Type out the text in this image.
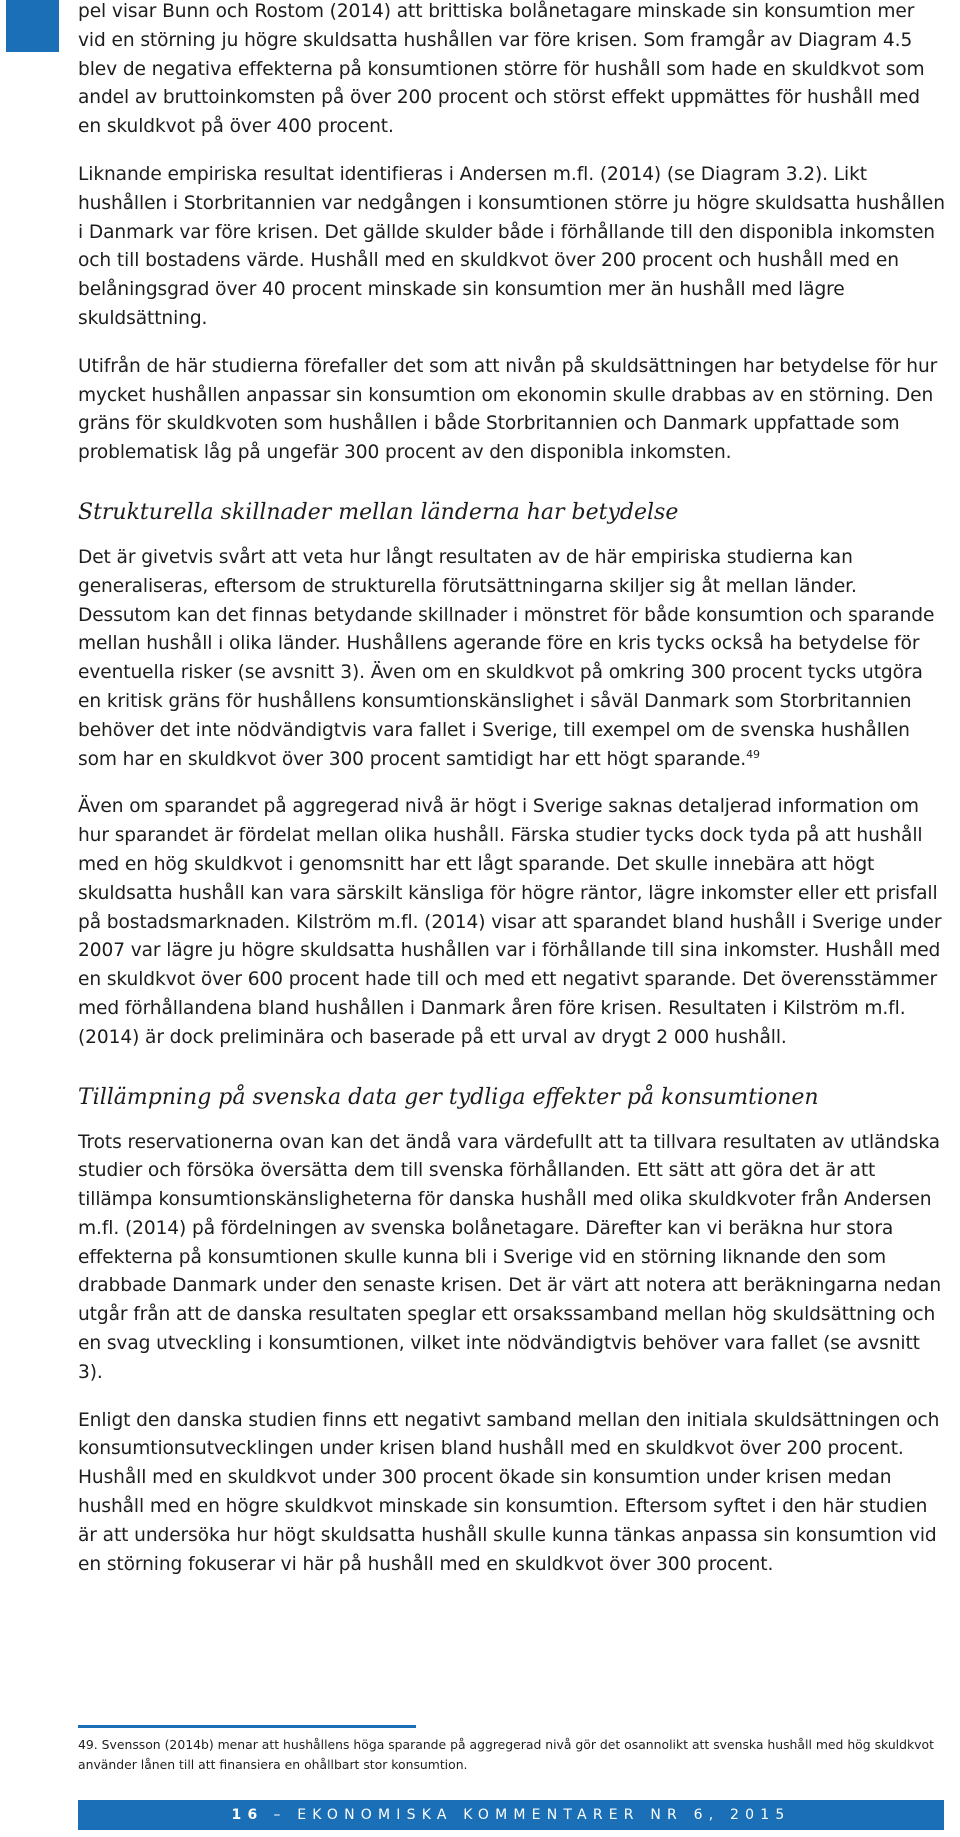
pel visar Bunn och Rostom (2014) att brittiska bolånetagare minskade sin konsumtion mer vid en störning ju högre skuldsatta hushållen var före krisen. Som framgår av Diagram 4.5 blev de negativa effekterna på konsumtionen större för hushåll som hade en skuldkvot som andel av bruttoinkomsten på över 200 procent och störst effekt uppmättes för hushåll med en skuldkvot på över 400 procent.

Liknande empiriska resultat identifieras i Andersen m.fl. (2014) (se Diagram 3.2). Likt hushållen i Storbritannien var nedgången i konsumtionen större ju högre skuldsatta hushållen i Danmark var före krisen. Det gällde skulder både i förhållande till den disponibla inkomsten och till bostadens värde. Hushåll med en skuldkvot över 200 procent och hushåll med en belåningsgrad över 40 procent minskade sin konsumtion mer än hushåll med lägre skuldsättning.

Utifrån de här studierna förefaller det som att nivån på skuldsättningen har betydelse för hur mycket hushållen anpassar sin konsumtion om ekonomin skulle drabbas av en störning. Den gräns för skuldkvoten som hushållen i både Storbritannien och Danmark uppfattade som problematisk låg på ungefär 300 procent av den disponibla inkomsten.

Strukturella skillnader mellan länderna har betydelse

Det är givetvis svårt att veta hur långt resultaten av de här empiriska studierna kan generaliseras, eftersom de strukturella förutsättningarna skiljer sig åt mellan länder. Dessutom kan det finnas betydande skillnader i mönstret för både konsumtion och sparande mellan hushåll i olika länder. Hushållens agerande före en kris tycks också ha betydelse för eventuella risker (se avsnitt 3). Även om en skuldkvot på omkring 300 procent tycks utgöra en kritisk gräns för hushållens konsumtionskänslighet i såväl Danmark som Storbritannien behöver det inte nödvändigtvis vara fallet i Sverige, till exempel om de svenska hushållen som har en skuldkvot över 300 procent samtidigt har ett högt sparande.$^{49}$

Även om sparandet på aggregerad nivå är högt i Sverige saknas detaljerad information om hur sparandet är fördelat mellan olika hushåll. Färska studier tycks dock tyda på att hushåll med en hög skuldkvot i genomsnitt har ett lågt sparande. Det skulle innebära att högt skuldsatta hushåll kan vara särskilt känsliga för högre räntor, lägre inkomster eller ett prisfall på bostadsmarknaden. Kilström m.fl. (2014) visar att sparandet bland hushåll i Sverige under 2007 var lägre ju högre skuldsatta hushållen var i förhållande till sina inkomster. Hushåll med en skuldkvot över 600 procent hade till och med ett negativt sparande. Det överensstämmer med förhållandena bland hushållen i Danmark åren före krisen. Resultaten i Kilström m.fl. (2014) är dock preliminära och baserade på ett urval av drygt 2 000 hushåll.

Tillämpning på svenska data ger tydliga effekter på konsumtionen

Trots reservationerna ovan kan det ändå vara värdefullt att ta tillvara resultaten av utländska studier och försöka översätta dem till svenska förhållanden. Ett sätt att göra det är att tillämpa konsumtionskänsligheterna för danska hushåll med olika skuldkvoter från Andersen m.fl. (2014) på fördelningen av svenska bolånetagare. Därefter kan vi beräkna hur stora effekterna på konsumtionen skulle kunna bli i Sverige vid en störning liknande den som drabbade Danmark under den senaste krisen. Det är värt att notera att beräkningarna nedan utgår från att de danska resultaten speglar ett orsakssamband mellan hög skuldsättning och en svag utveckling i konsumtionen, vilket inte nödvändigtvis behöver vara fallet (se avsnitt 3).

Enligt den danska studien finns ett negativt samband mellan den initiala skuldsättningen och konsumtionsutvecklingen under krisen bland hushåll med en skuldkvot över 200 procent. Hushåll med en skuldkvot under 300 procent ökade sin konsumtion under krisen medan hushåll med en högre skuldkvot minskade sin konsumtion. Eftersom syftet i den här studien är att undersöka hur högt skuldsatta hushåll skulle kunna tänkas anpassa sin konsumtion vid en störning fokuserar vi här på hushåll med en skuldkvot över 300 procent.

49. Svensson (2014b) menar att hushållens höga sparande på aggregerad nivå gör det osannolikt att svenska hushåll med hög skuldkvot använder lånen till att finansiera en ohållbart stor konsumtion.

16 – EKONOMISKA KOMMENTARER NR 6, 2015
